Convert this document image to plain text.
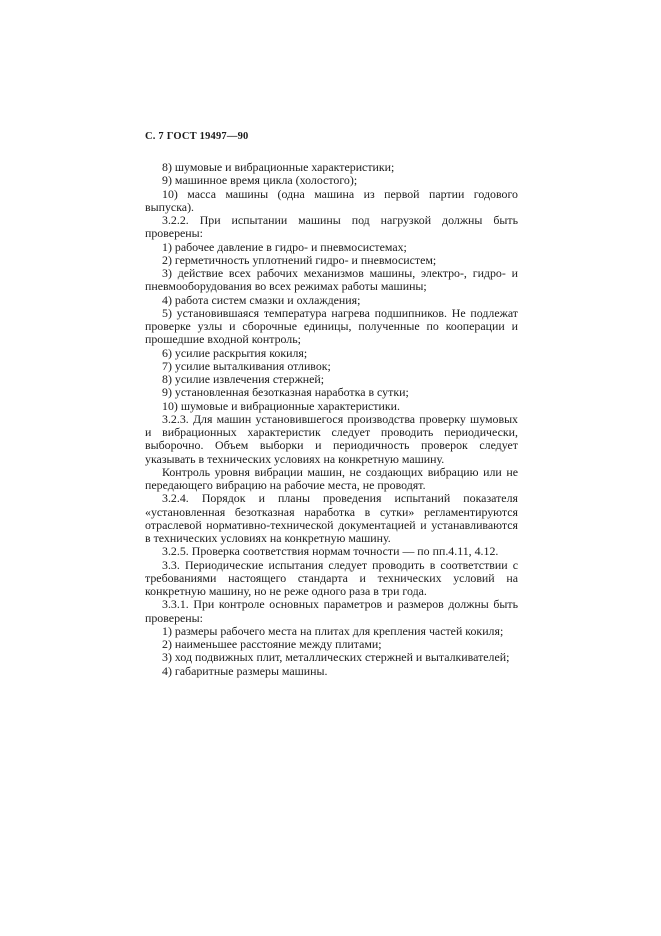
С. 7 ГОСТ 19497—90

8) шумовые и вибрационные характеристики;

9) машинное время цикла (холостого);

10) масса машины (одна машина из первой партии годового выпуска).

3.2.2. При испытании машины под нагрузкой должны быть проверены:

1) рабочее давление в гидро- и пневмосистемах;

2) герметичность уплотнений гидро- и пневмосистем;

3) действие всех рабочих механизмов машины, электро-, гидро- и пневмооборудования во всех режимах работы машины;

4) работа систем смазки и охлаждения;

5) установившаяся температура нагрева подшипников. Не подлежат проверке узлы и сборочные единицы, полученные по кооперации и прошедшие входной контроль;

6) усилие раскрытия кокиля;

7) усилие выталкивания отливок;

8) усилие извлечения стержней;

9) установленная безотказная наработка в сутки;

10) шумовые и вибрационные характеристики.

3.2.3. Для машин установившегося производства проверку шумовых и вибрационных характеристик следует проводить периодически, выборочно. Объем выборки и периодичность проверок следует указывать в технических условиях на конкретную машину.

Контроль уровня вибрации машин, не создающих вибрацию или не передающего вибрацию на рабочие места, не проводят.

3.2.4. Порядок и планы проведения испытаний показателя «установленная безотказная наработка в сутки» регламентируются отраслевой нормативно-технической документацией и устанавливаются в технических условиях на конкретную машину.

3.2.5. Проверка соответствия нормам точности — по пп.4.11, 4.12.

3.3. Периодические испытания следует проводить в соответствии с требованиями настоящего стандарта и технических условий на конкретную машину, но не реже одного раза в три года.

3.3.1. При контроле основных параметров и размеров должны быть проверены:

1) размеры рабочего места на плитах для крепления частей кокиля;

2) наименьшее расстояние между плитами;

3) ход подвижных плит, металлических стержней и выталкивателей;

4) габаритные размеры машины.
